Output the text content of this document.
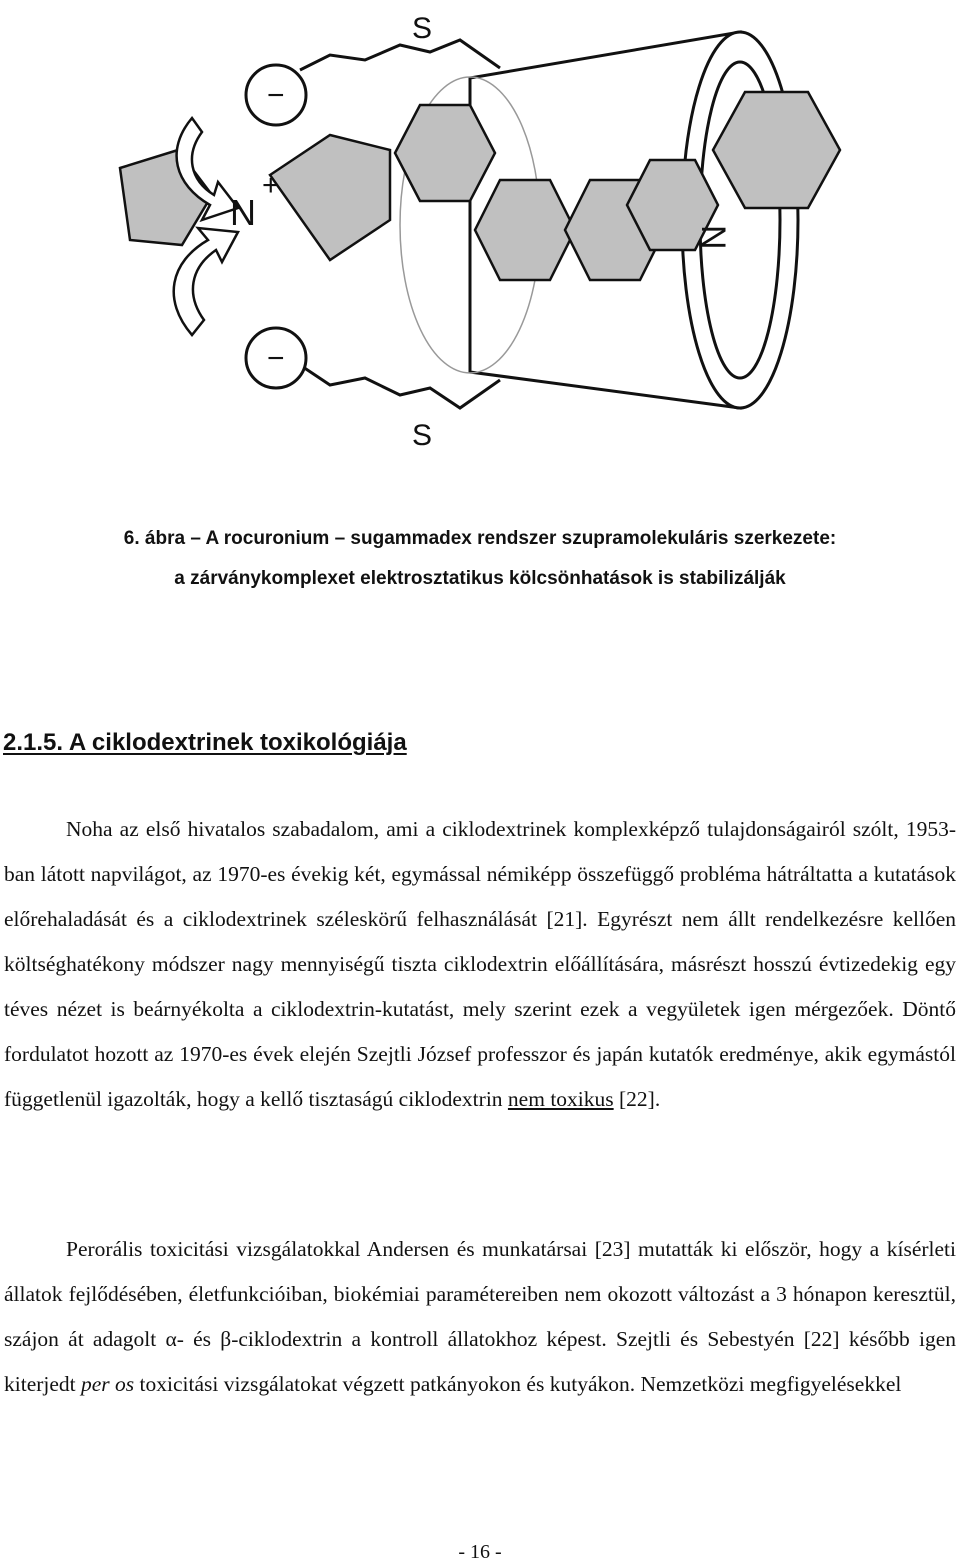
S
S
−
−
N
+
N
6. ábra – A rocuronium – sugammadex rendszer szupramolekuláris szerkezete:
a zárványkomplexet elektrosztatikus kölcsönhatások is stabilizálják
2.1.5. A ciklodextrinek toxikológiája

Noha az első hivatalos szabadalom, ami a ciklodextrinek komplexképző tulajdonságairól szólt, 1953-ban látott napvilágot, az 1970-es évekig két, egymással némiképp összefüggő probléma hátráltatta a kutatások előrehaladását és a ciklodextrinek széleskörű felhasználását [21]. Egyrészt nem állt rendelkezésre kellően költséghatékony módszer nagy mennyiségű tiszta ciklodextrin előállítására, másrészt hosszú évtizedekig egy téves nézet is beárnyékolta a ciklodextrin-kutatást, mely szerint ezek a vegyületek igen mérgezőek. Döntő fordulatot hozott az 1970-es évek elején Szejtli József professzor és japán kutatók eredménye, akik egymástól függetlenül igazolták, hogy a kellő tisztaságú ciklodextrin nem toxikus [22].

Perorális toxicitási vizsgálatokkal Andersen és munkatársai [23] mutatták ki először, hogy a kísérleti állatok fejlődésében, életfunkcióiban, biokémiai paramétereiben nem okozott változást a 3 hónapon keresztül, szájon át adagolt α- és β-ciklodextrin a kontroll állatokhoz képest. Szejtli és Sebestyén [22] később igen kiterjedt per os toxicitási vizsgálatokat végzett patkányokon és kutyákon. Nemzetközi megfigyelésekkel

- 16 -
